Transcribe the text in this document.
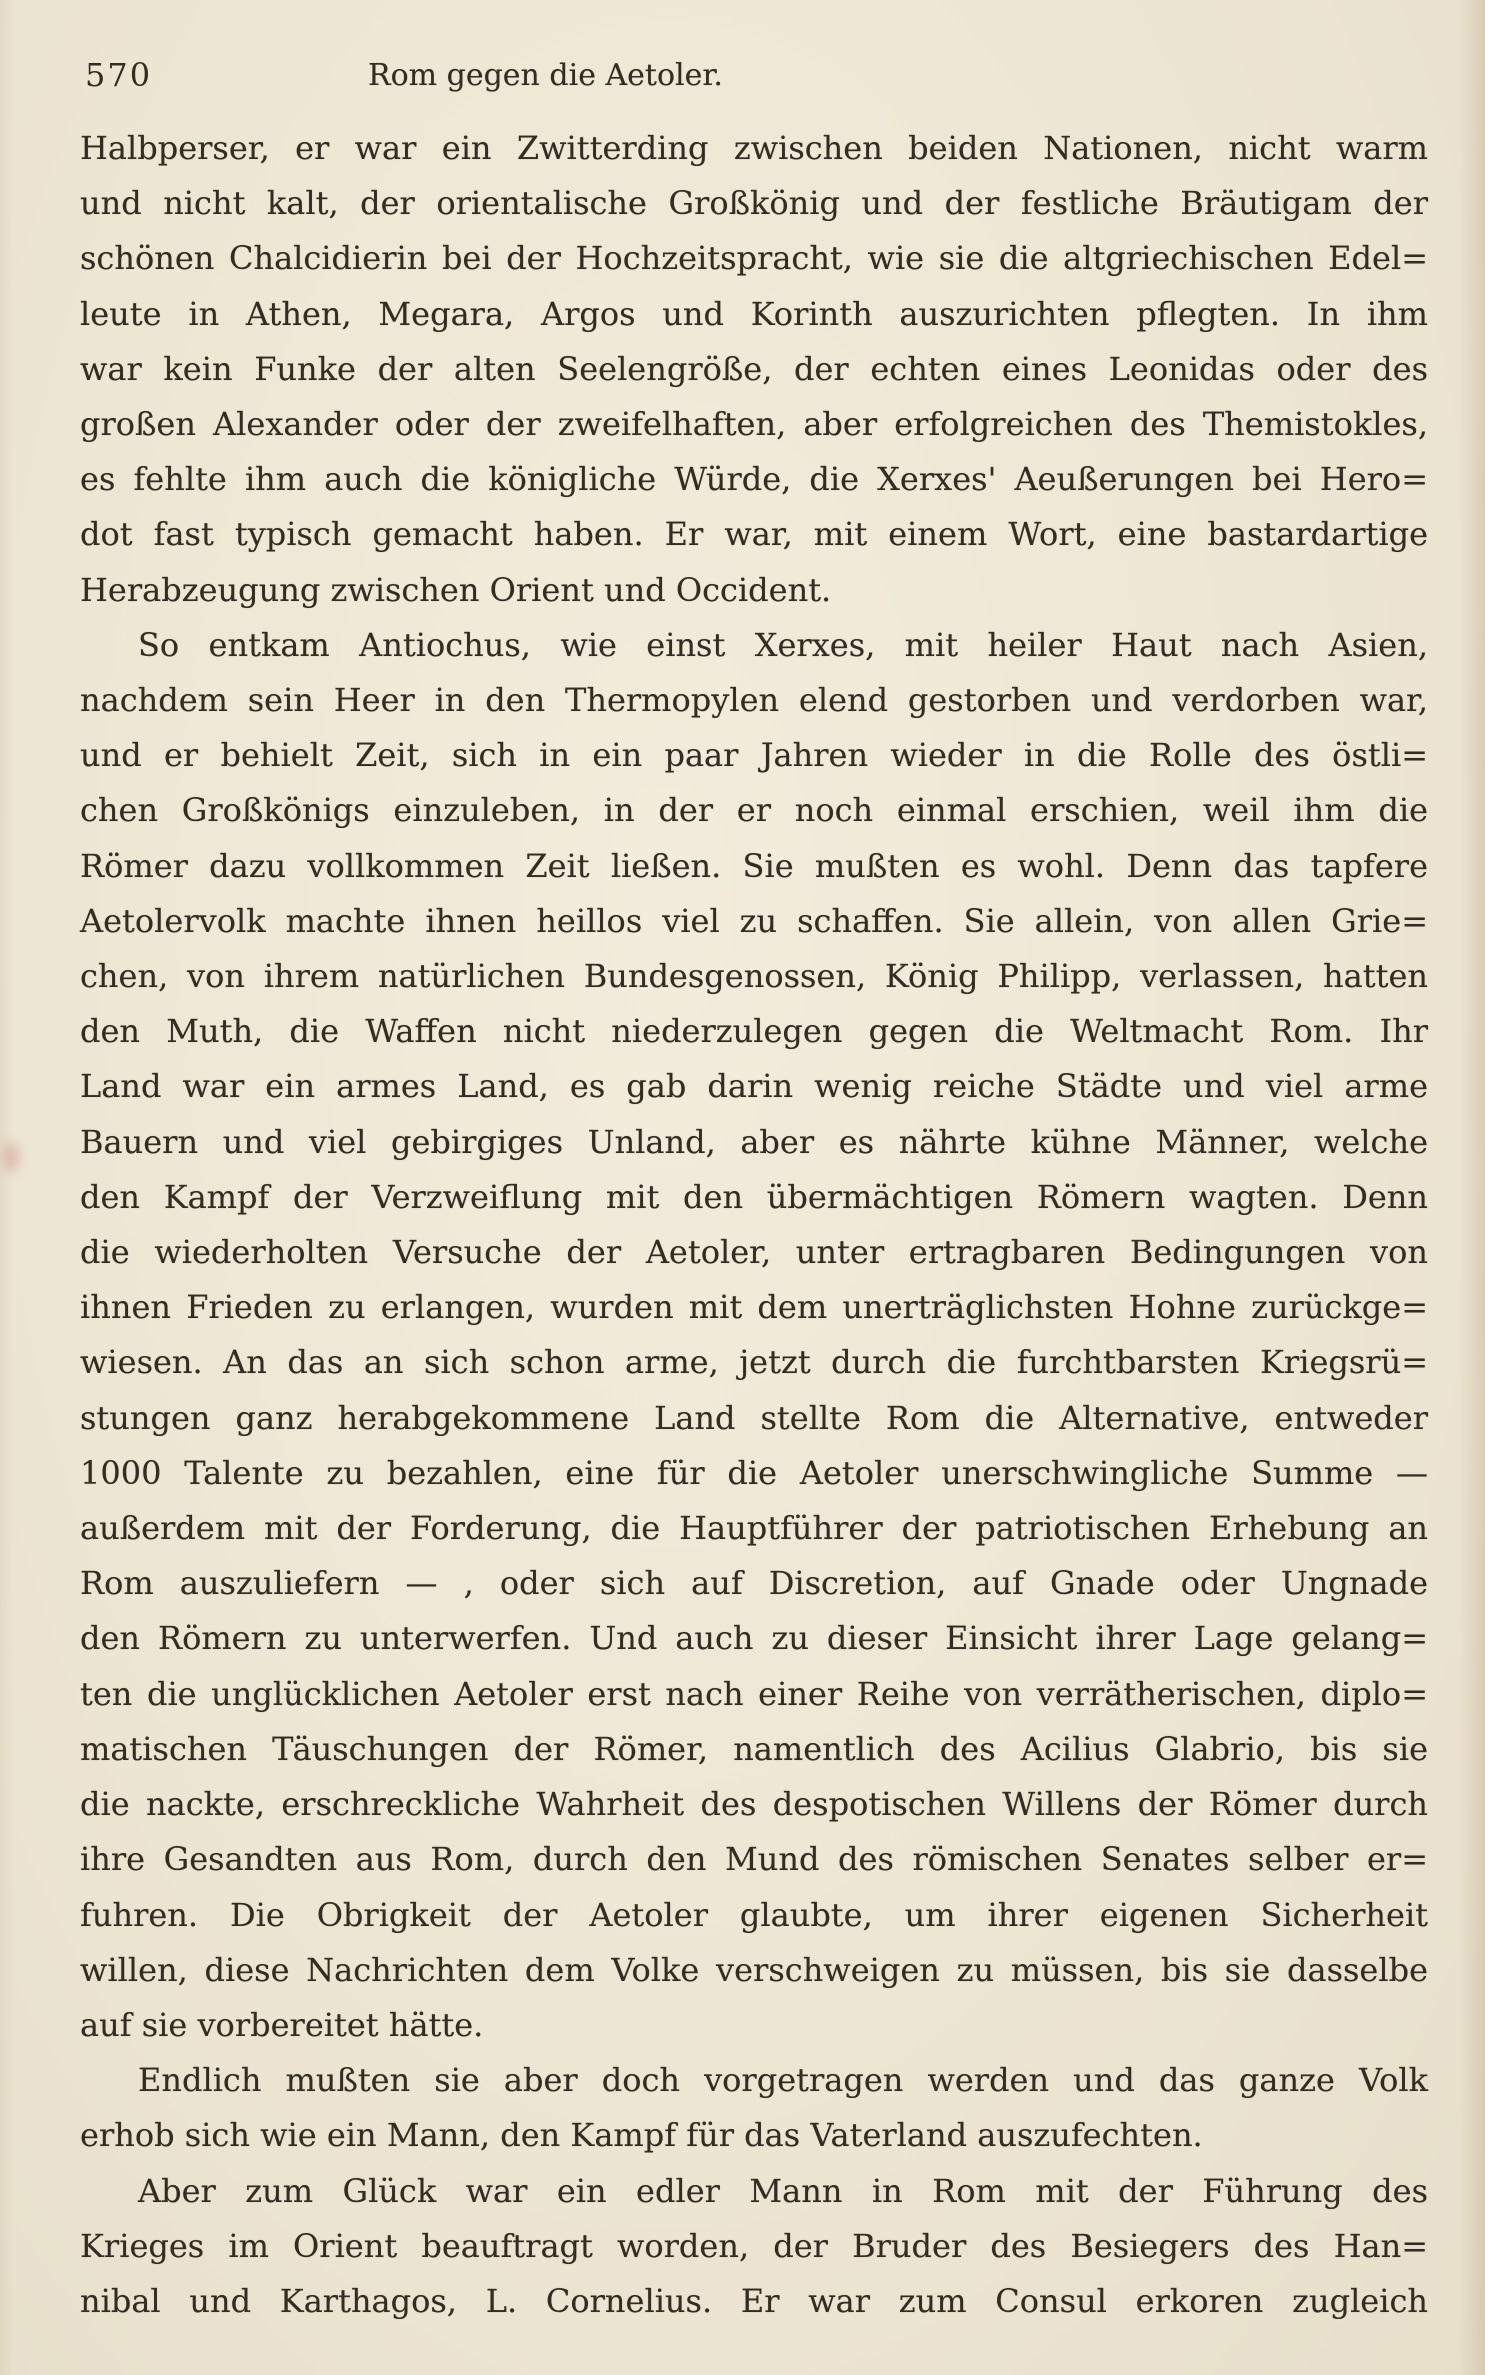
570	Rom gegen die Aetoler.
Halbperser, er war ein Zwitterding zwischen beiden Nationen, nicht warm
und nicht kalt, der orientalische Großkönig und der festliche Bräutigam der
schönen Chalcidierin bei der Hochzeitspracht, wie sie die altgriechischen Edel=
leute in Athen, Megara, Argos und Korinth auszurichten pflegten. In ihm
war kein Funke der alten Seelengröße, der echten eines Leonidas oder des
großen Alexander oder der zweifelhaften, aber erfolgreichen des Themistokles,
es fehlte ihm auch die königliche Würde, die Xerxes' Aeußerungen bei Hero=
dot fast typisch gemacht haben. Er war, mit einem Wort, eine bastardartige
Herabzeugung zwischen Orient und Occident.
So entkam Antiochus, wie einst Xerxes, mit heiler Haut nach Asien,
nachdem sein Heer in den Thermopylen elend gestorben und verdorben war,
und er behielt Zeit, sich in ein paar Jahren wieder in die Rolle des östli=
chen Großkönigs einzuleben, in der er noch einmal erschien, weil ihm die
Römer dazu vollkommen Zeit ließen. Sie mußten es wohl. Denn das tapfere
Aetolervolk machte ihnen heillos viel zu schaffen. Sie allein, von allen Grie=
chen, von ihrem natürlichen Bundesgenossen, König Philipp, verlassen, hatten
den Muth, die Waffen nicht niederzulegen gegen die Weltmacht Rom. Ihr
Land war ein armes Land, es gab darin wenig reiche Städte und viel arme
Bauern und viel gebirgiges Unland, aber es nährte kühne Männer, welche
den Kampf der Verzweiflung mit den übermächtigen Römern wagten. Denn
die wiederholten Versuche der Aetoler, unter ertragbaren Bedingungen von
ihnen Frieden zu erlangen, wurden mit dem unerträglichsten Hohne zurückge=
wiesen. An das an sich schon arme, jetzt durch die furchtbarsten Kriegsrü=
stungen ganz herabgekommene Land stellte Rom die Alternative, entweder
1000 Talente zu bezahlen, eine für die Aetoler unerschwingliche Summe —
außerdem mit der Forderung, die Hauptführer der patriotischen Erhebung an
Rom auszuliefern — , oder sich auf Discretion, auf Gnade oder Ungnade
den Römern zu unterwerfen. Und auch zu dieser Einsicht ihrer Lage gelang=
ten die unglücklichen Aetoler erst nach einer Reihe von verrätherischen, diplo=
matischen Täuschungen der Römer, namentlich des Acilius Glabrio, bis sie
die nackte, erschreckliche Wahrheit des despotischen Willens der Römer durch
ihre Gesandten aus Rom, durch den Mund des römischen Senates selber er=
fuhren. Die Obrigkeit der Aetoler glaubte, um ihrer eigenen Sicherheit
willen, diese Nachrichten dem Volke verschweigen zu müssen, bis sie dasselbe
auf sie vorbereitet hätte.
Endlich mußten sie aber doch vorgetragen werden und das ganze Volk
erhob sich wie ein Mann, den Kampf für das Vaterland auszufechten.
Aber zum Glück war ein edler Mann in Rom mit der Führung des
Krieges im Orient beauftragt worden, der Bruder des Besiegers des Han=
nibal und Karthagos, L. Cornelius. Er war zum Consul erkoren zugleich
